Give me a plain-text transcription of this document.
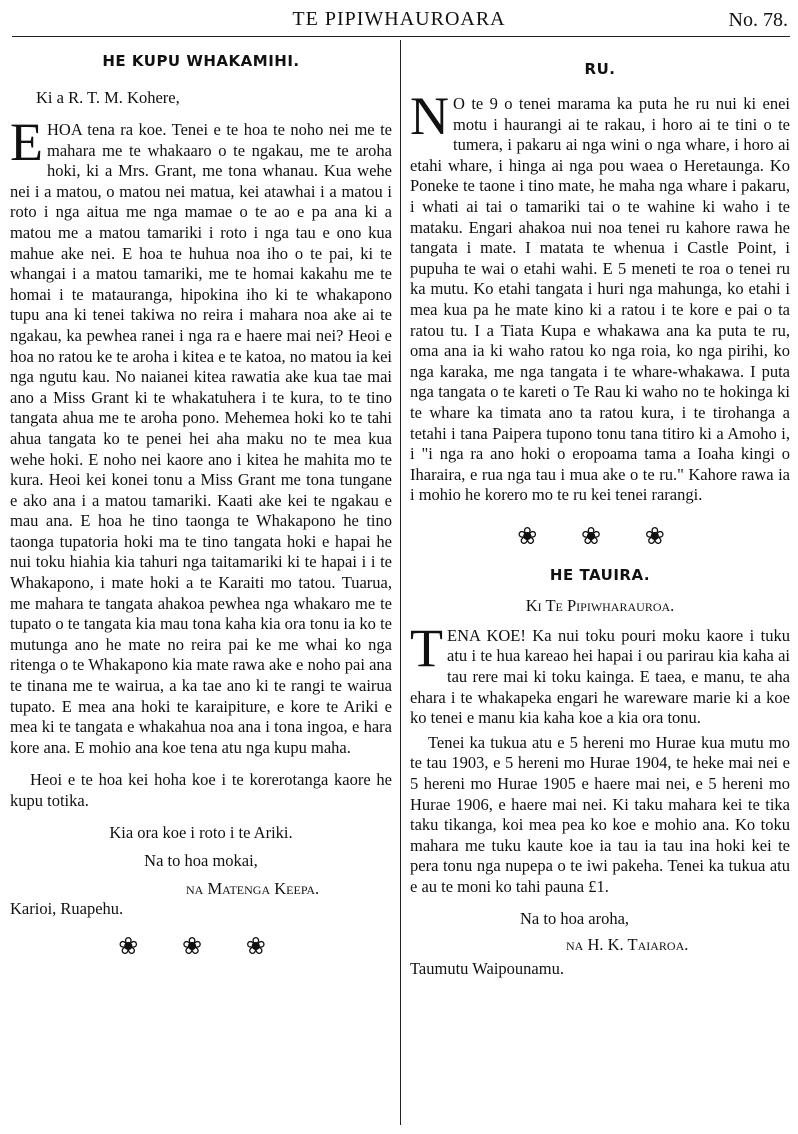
TE PIPIWHAUROARA	No. 78.

HE KUPU WHAKAMIHI.

Ki a R. T. M. Kohere,

EHOA tena ra koe. Tenei e te hoa te noho nei me te mahara me te whakaaro o te ngakau, me te aroha hoki, ki a Mrs. Grant, me tona whanau. Kua wehe nei i a matou, o matou nei matua, kei atawhai i a matou i roto i nga aitua me nga mamae o te ao e pa ana ki a matou me a matou tamariki i roto i nga tau e ono kua mahue ake nei. E hoa te huhua noa iho o te pai, ki te whangai i a matou tamariki, me te homai kakahu me te homai i te matauranga, hipokina iho ki te whakapono tupu ana ki tenei takiwa no reira i mahara noa ake ai te ngakau, ka pewhea ranei i nga ra e haere mai nei? Heoi e hoa no ratou ke te aroha i kitea e te katoa, no matou ia kei nga ngutu kau. No naianei kitea rawatia ake kua tae mai ano a Miss Grant ki te whakatuhera i te kura, to te tino tangata ahua me te aroha pono. Mehemea hoki ko te tahi ahua tangata ko te penei hei aha maku no te mea kua wehe hoki. E noho nei kaore ano i kitea he mahita mo te kura. Heoi kei konei tonu a Miss Grant me tona tungane e ako ana i a matou tamariki. Kaati ake kei te ngakau e mau ana. E hoa he tino taonga te Whakapono he tino taonga tupatoria hoki ma te tino tangata hoki e hapai he nui toku hiahia kia tahuri nga taitamariki ki te hapai i i te Whakapono, i mate hoki a te Karaiti mo tatou. Tuarua, me mahara te tangata ahakoa pewhea nga whakaro me te tupato o te tangata kia mau tona kaha kia ora tonu ia ko te mutunga ano he mate no reira pai ke me whai ko nga ritenga o te Whakapono kia mate rawa ake e noho pai ana te tinana me te wairua, a ka tae ano ki te rangi te wairua tupato. E mea ana hoki te karaipiture, e kore te Ariki e mea ki te tangata e whakahua noa ana i tona ingoa, e hara kore ana. E mohio ana koe tena atu nga kupu maha.

Heoi e te hoa kei hoha koe i te korerotanga kaore he kupu totika.

Kia ora koe i roto i te Ariki.

Na to hoa mokai,

na Matenga Keepa.

Karioi, Ruapehu.

❀ ❀ ❀

RU.

N O te 9 o tenei marama ka puta he ru nui ki enei motu i haurangi ai te rakau, i horo ai te tini o te tumera, i pakaru ai nga wini o nga whare, i horo ai etahi whare, i hinga ai nga pou waea o Heretaunga. Ko Poneke te taone i tino mate, he maha nga whare i pakaru, i whati ai tai o tamariki tai o te wahine ki waho i te mataku. Engari ahakoa nui noa tenei ru kahore rawa he tangata i mate. I matata te whenua i Castle Point, i pupuha te wai o etahi wahi. E 5 meneti te roa o tenei ru ka mutu. Ko etahi tangata i huri nga mahunga, ko etahi i mea kua pa he mate kino ki a ratou i te kore e pai o ta ratou tu. I a Tiata Kupa e whakawa ana ka puta te ru, oma ana ia ki waho ratou ko nga roia, ko nga pirihi, ko nga karaka, me nga tangata i te whare-whakawa. I puta nga tangata o te kareti o Te Rau ki waho no te hokinga ki te whare ka timata ano ta ratou kura, i te tirohanga a tetahi i tana Paipera tupono tonu tana titiro ki a Amoho i, i "i nga ra ano hoki o eropoama tama a Ioaha kingi o Iharaira, e rua nga tau i mua ake o te ru." Kahore rawa ia i mohio he korero mo te ru kei tenei rarangi.

❀ ❀ ❀

HE TAUIRA.

Ki Te Pipiwharauroa.

TENA KOE! Ka nui toku pouri moku kaore i tuku atu i te hua kareao hei hapai i ou parirau kia kaha ai tau rere mai ki toku kainga. E taea, e manu, te aha ehara i te whakapeka engari he wareware marie ki a koe ko tenei e manu kia kaha koe a kia ora tonu.

Tenei ka tukua atu e 5 hereni mo Hurae kua mutu mo te tau 1903, e 5 hereni mo Hurae 1904, te heke mai nei e 5 hereni mo Hurae 1905 e haere mai nei, e 5 hereni mo Hurae 1906, e haere mai nei. Ki taku mahara kei te tika taku tikanga, koi mea pea ko koe e mohio ana. Ko toku mahara me tuku kaute koe ia tau ia tau ina hoki kei te pera tonu nga nupepa o te iwi pakeha. Tenei ka tukua atu e au te moni ko tahi pauna £1.

Na to hoa aroha,

na H. K. Taiaroa.

Taumutu Waipounamu.
